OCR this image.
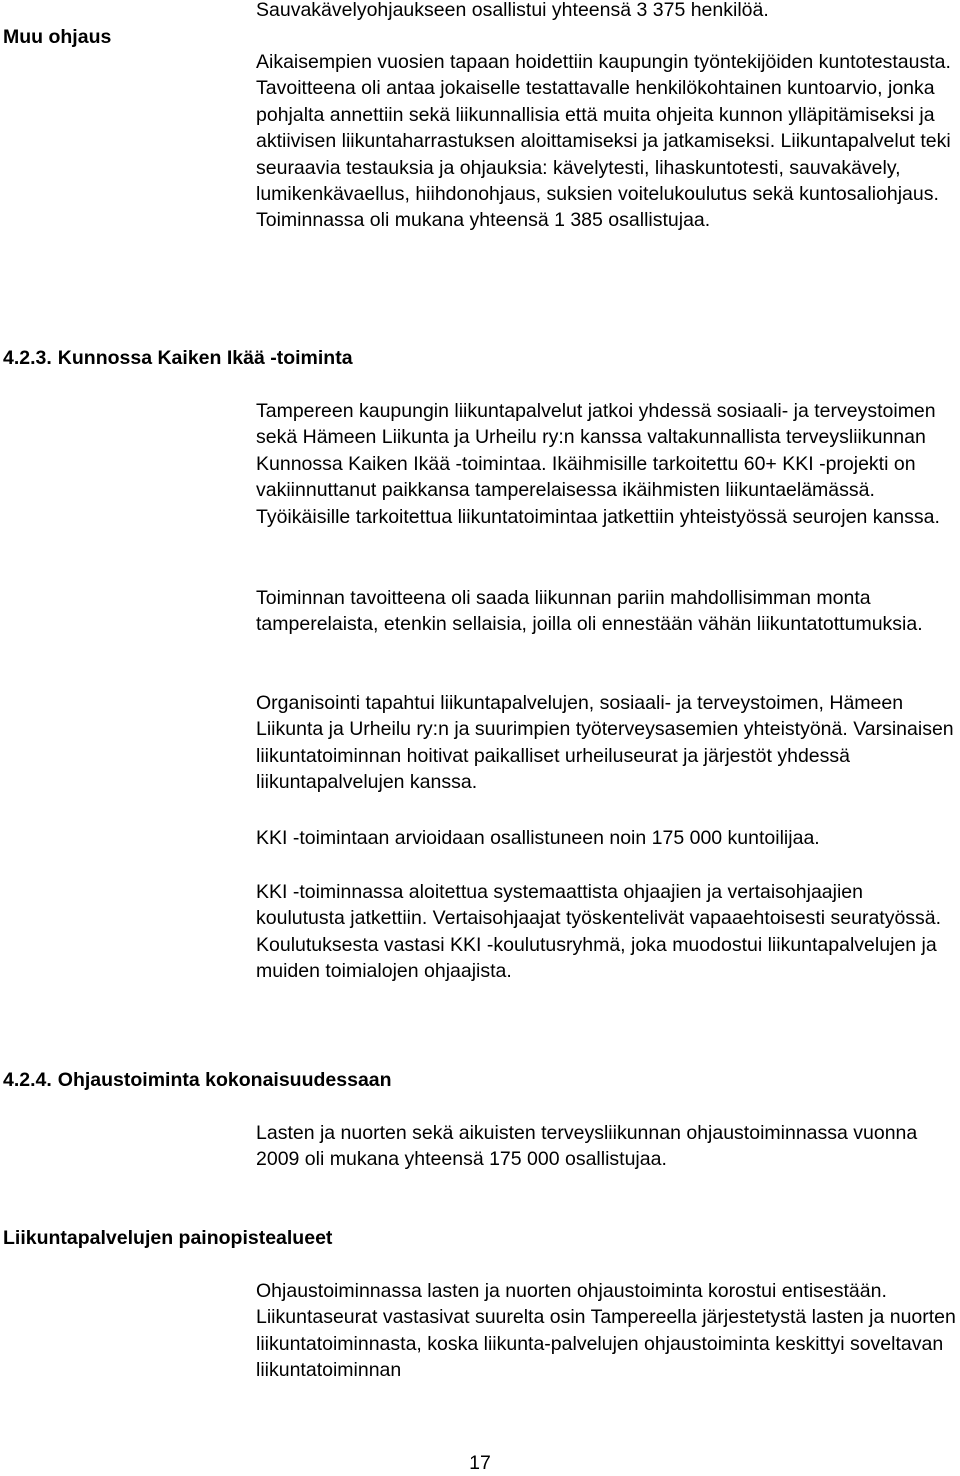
Muu ohjaus

Sauvakävelyohjaukseen osallistui yhteensä 3 375 henkilöä.

Aikaisempien vuosien tapaan hoidettiin kaupungin työntekijöiden kuntotestausta. Tavoitteena oli antaa jokaiselle testattavalle henkilökohtainen kuntoarvio, jonka pohjalta annettiin sekä liikunnallisia että muita ohjeita kunnon ylläpitämiseksi ja aktiivisen liikuntaharrastuksen aloittamiseksi ja jatkamiseksi. Liikuntapalvelut teki seuraavia testauksia ja ohjauksia: kävelytesti, lihaskuntotesti, sauvakävely, lumikenkävaellus, hiihdonohjaus, suksien voitelukoulutus sekä kuntosaliohjaus. Toiminnassa oli mukana yhteensä 1 385 osallistujaa.

4.2.3. Kunnossa Kaiken Ikää -toiminta

Tampereen kaupungin liikuntapalvelut jatkoi yhdessä sosiaali- ja terveystoimen sekä Hämeen Liikunta ja Urheilu ry:n kanssa valtakunnallista terveysliikunnan Kunnossa Kaiken Ikää -toimintaa. Ikäihmisille tarkoitettu 60+ KKI -projekti on vakiinnuttanut paikkansa tamperelaisessa ikäihmisten liikuntaelämässä. Työikäisille tarkoitettua liikuntatoimintaa jatkettiin yhteistyössä seurojen kanssa.

Toiminnan tavoitteena oli saada liikunnan pariin mahdollisimman monta tamperelaista, etenkin sellaisia, joilla oli ennestään vähän liikuntatottumuksia.

Organisointi tapahtui liikuntapalvelujen, sosiaali- ja terveystoimen, Hämeen Liikunta ja Urheilu ry:n ja suurimpien työterveysasemien yhteistyönä. Varsinaisen liikuntatoiminnan hoitivat paikalliset urheiluseurat ja järjestöt yhdessä liikuntapalvelujen kanssa.

KKI -toimintaan arvioidaan osallistuneen noin 175 000 kuntoilijaa.

KKI -toiminnassa aloitettua systemaattista ohjaajien ja vertaisohjaajien koulutusta jatkettiin. Vertaisohjaajat työskentelivät vapaaehtoisesti seuratyössä. Koulutuksesta vastasi KKI -koulutusryhmä, joka muodostui liikuntapalvelujen ja muiden toimialojen ohjaajista.

4.2.4. Ohjaustoiminta kokonaisuudessaan

Lasten ja nuorten sekä aikuisten terveysliikunnan ohjaustoiminnassa vuonna 2009 oli mukana yhteensä 175 000 osallistujaa.

Liikuntapalvelujen painopistealueet

Ohjaustoiminnassa lasten ja nuorten ohjaustoiminta korostui entisestään. Liikuntaseurat vastasivat suurelta osin Tampereella järjestetystä lasten ja nuorten liikuntatoiminnasta, koska liikunta-palvelujen ohjaustoiminta keskittyi soveltavan liikuntatoiminnan

17
